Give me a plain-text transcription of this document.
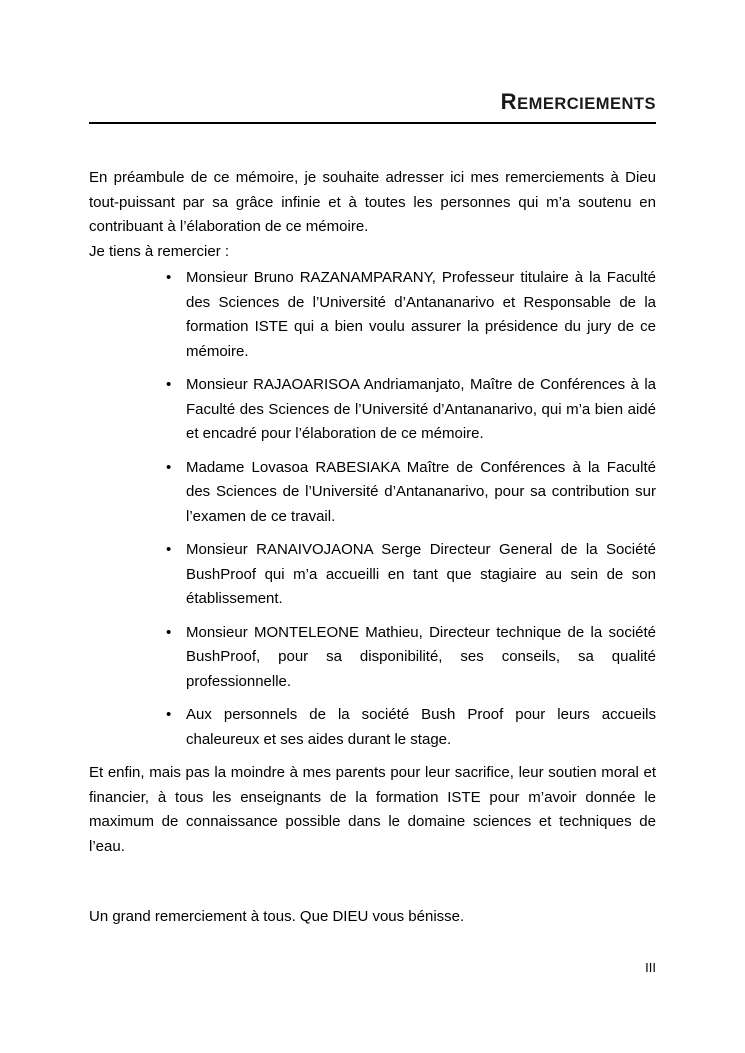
REMERCIEMENTS

En préambule de ce mémoire, je souhaite adresser ici mes remerciements à Dieu tout-puissant par sa grâce infinie et à toutes les personnes qui m’a soutenu en contribuant à l’élaboration de ce mémoire.

Je tiens à remercier :

• Monsieur Bruno RAZANAMPARANY, Professeur titulaire à la Faculté des Sciences de l’Université d’Antananarivo et Responsable de la formation ISTE qui a bien voulu assurer la présidence du jury de ce mémoire.
• Monsieur RAJAOARISOA Andriamanjato, Maître de Conférences à la Faculté des Sciences de l’Université d’Antananarivo, qui m’a bien aidé et encadré pour l’élaboration de ce mémoire.
• Madame Lovasoa RABESIAKA Maître de Conférences à la Faculté des Sciences de l’Université d’Antananarivo, pour sa contribution sur l’examen de ce travail.
• Monsieur RANAIVOJAONA Serge Directeur General de la Société BushProof qui m’a accueilli en tant que stagiaire au sein de son établissement.
• Monsieur MONTELEONE Mathieu, Directeur technique de la société BushProof, pour sa disponibilité, ses conseils, sa qualité professionnelle.
• Aux personnels de la société Bush Proof pour leurs accueils chaleureux et ses aides durant le stage.

Et enfin, mais pas la moindre à mes parents pour leur sacrifice, leur soutien moral et financier, à tous les enseignants de la formation ISTE pour m’avoir donnée le maximum de connaissance possible dans le domaine sciences et techniques de l’eau.

Un grand remerciement à tous. Que DIEU vous bénisse.

III
